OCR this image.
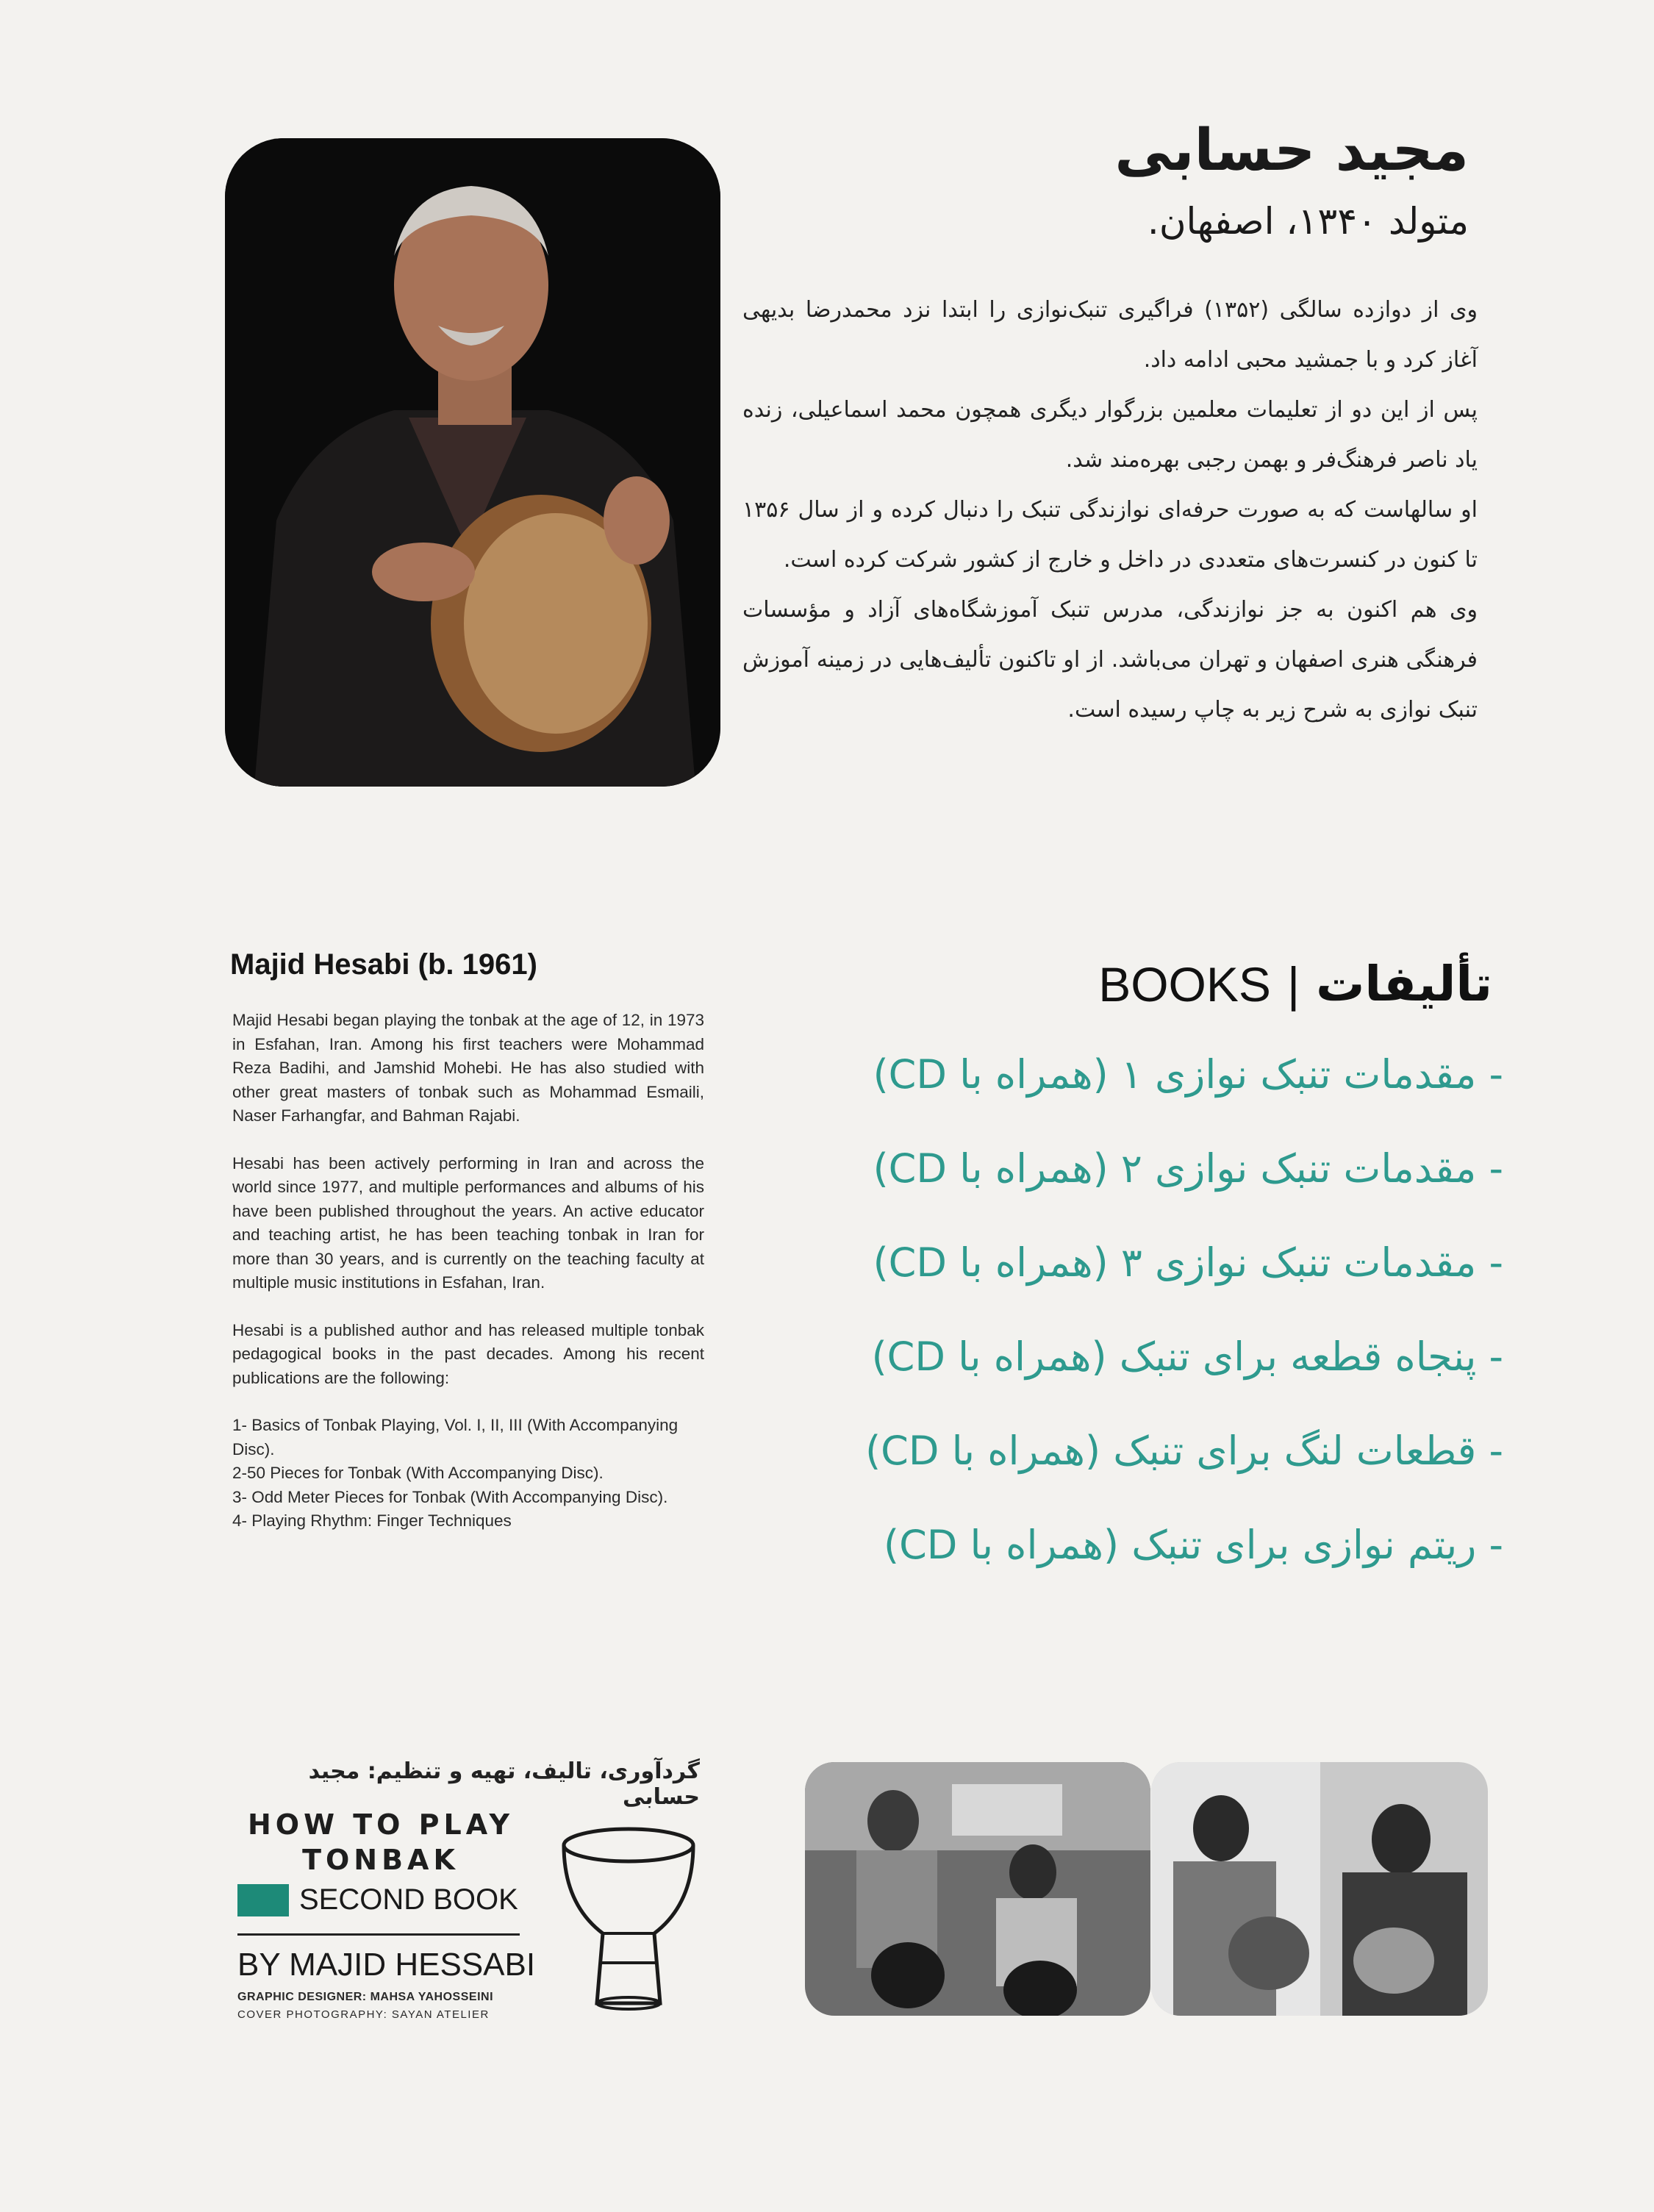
مجید حسابی
متولد ۱۳۴۰، اصفهان.

وی از دوازده سالگی (۱۳۵۲) فراگیری تنبک‌نوازی را ابتدا نزد محمدرضا بدیهی آغاز کرد و با جمشید محبی ادامه داد.

پس از این دو از تعلیمات معلمین بزرگوار دیگری همچون محمد اسماعیلی، زنده یاد ناصر فرهنگ‌فر و بهمن رجبی بهره‌مند شد.

او سالهاست که به صورت حرفه‌ای نوازندگی تنبک را دنبال کرده و از سال ۱۳۵۶ تا کنون در کنسرت‌های متعددی در داخل و خارج از کشور شرکت کرده است.

وی هم اکنون به جز نوازندگی، مدرس تنبک آموزشگاه‌های آزاد و مؤسسات فرهنگی هنری اصفهان و تهران می‌باشد. از او تاکنون تألیف‌هایی در زمینه آموزش تنبک نوازی به شرح زیر به چاپ رسیده است.

Majid Hesabi (b. 1961)

Majid Hesabi began playing the tonbak at the age of 12, in 1973 in Esfahan, Iran. Among his first teachers were Mohammad Reza Badihi, and Jamshid Mohebi. He has also studied with other great masters of tonbak such as Mohammad Esmaili, Naser Farhangfar, and Bahman Rajabi.

Hesabi has been actively performing in Iran and across the world since 1977, and multiple performances and albums of his have been published throughout the years. An active educator and teaching artist, he has been teaching tonbak in Iran for more than 30 years, and is currently on the teaching faculty at multiple music institutions in Esfahan, Iran.

Hesabi is a published author and has released multiple tonbak pedagogical books in the past decades. Among his recent publications are the following:

1- Basics of Tonbak Playing, Vol. I, II, III (With Accompanying Disc).

2-50 Pieces for Tonbak (With Accompanying Disc).

3- Odd Meter Pieces for Tonbak (With Accompanying Disc).

4- Playing Rhythm: Finger Techniques

BOOKS | تألیفات
- مقدمات تنبک نوازی ۱ (همراه با CD)
- مقدمات تنبک نوازی ۲ (همراه با CD)
- مقدمات تنبک نوازی ۳ (همراه با CD)
- پنجاه قطعه برای تنبک (همراه با CD)
- قطعات لنگ برای تنبک (همراه با CD)
- ریتم نوازی برای تنبک (همراه با CD)
گردآوری، تالیف، تهیه و تنظیم: مجید حسابی
HOW TO PLAY
TONBAK
SECOND BOOK
BY MAJID HESSABI
GRAPHIC DESIGNER: MAHSA YAHOSSEINI
COVER PHOTOGRAPHY: SAYAN ATELIER
